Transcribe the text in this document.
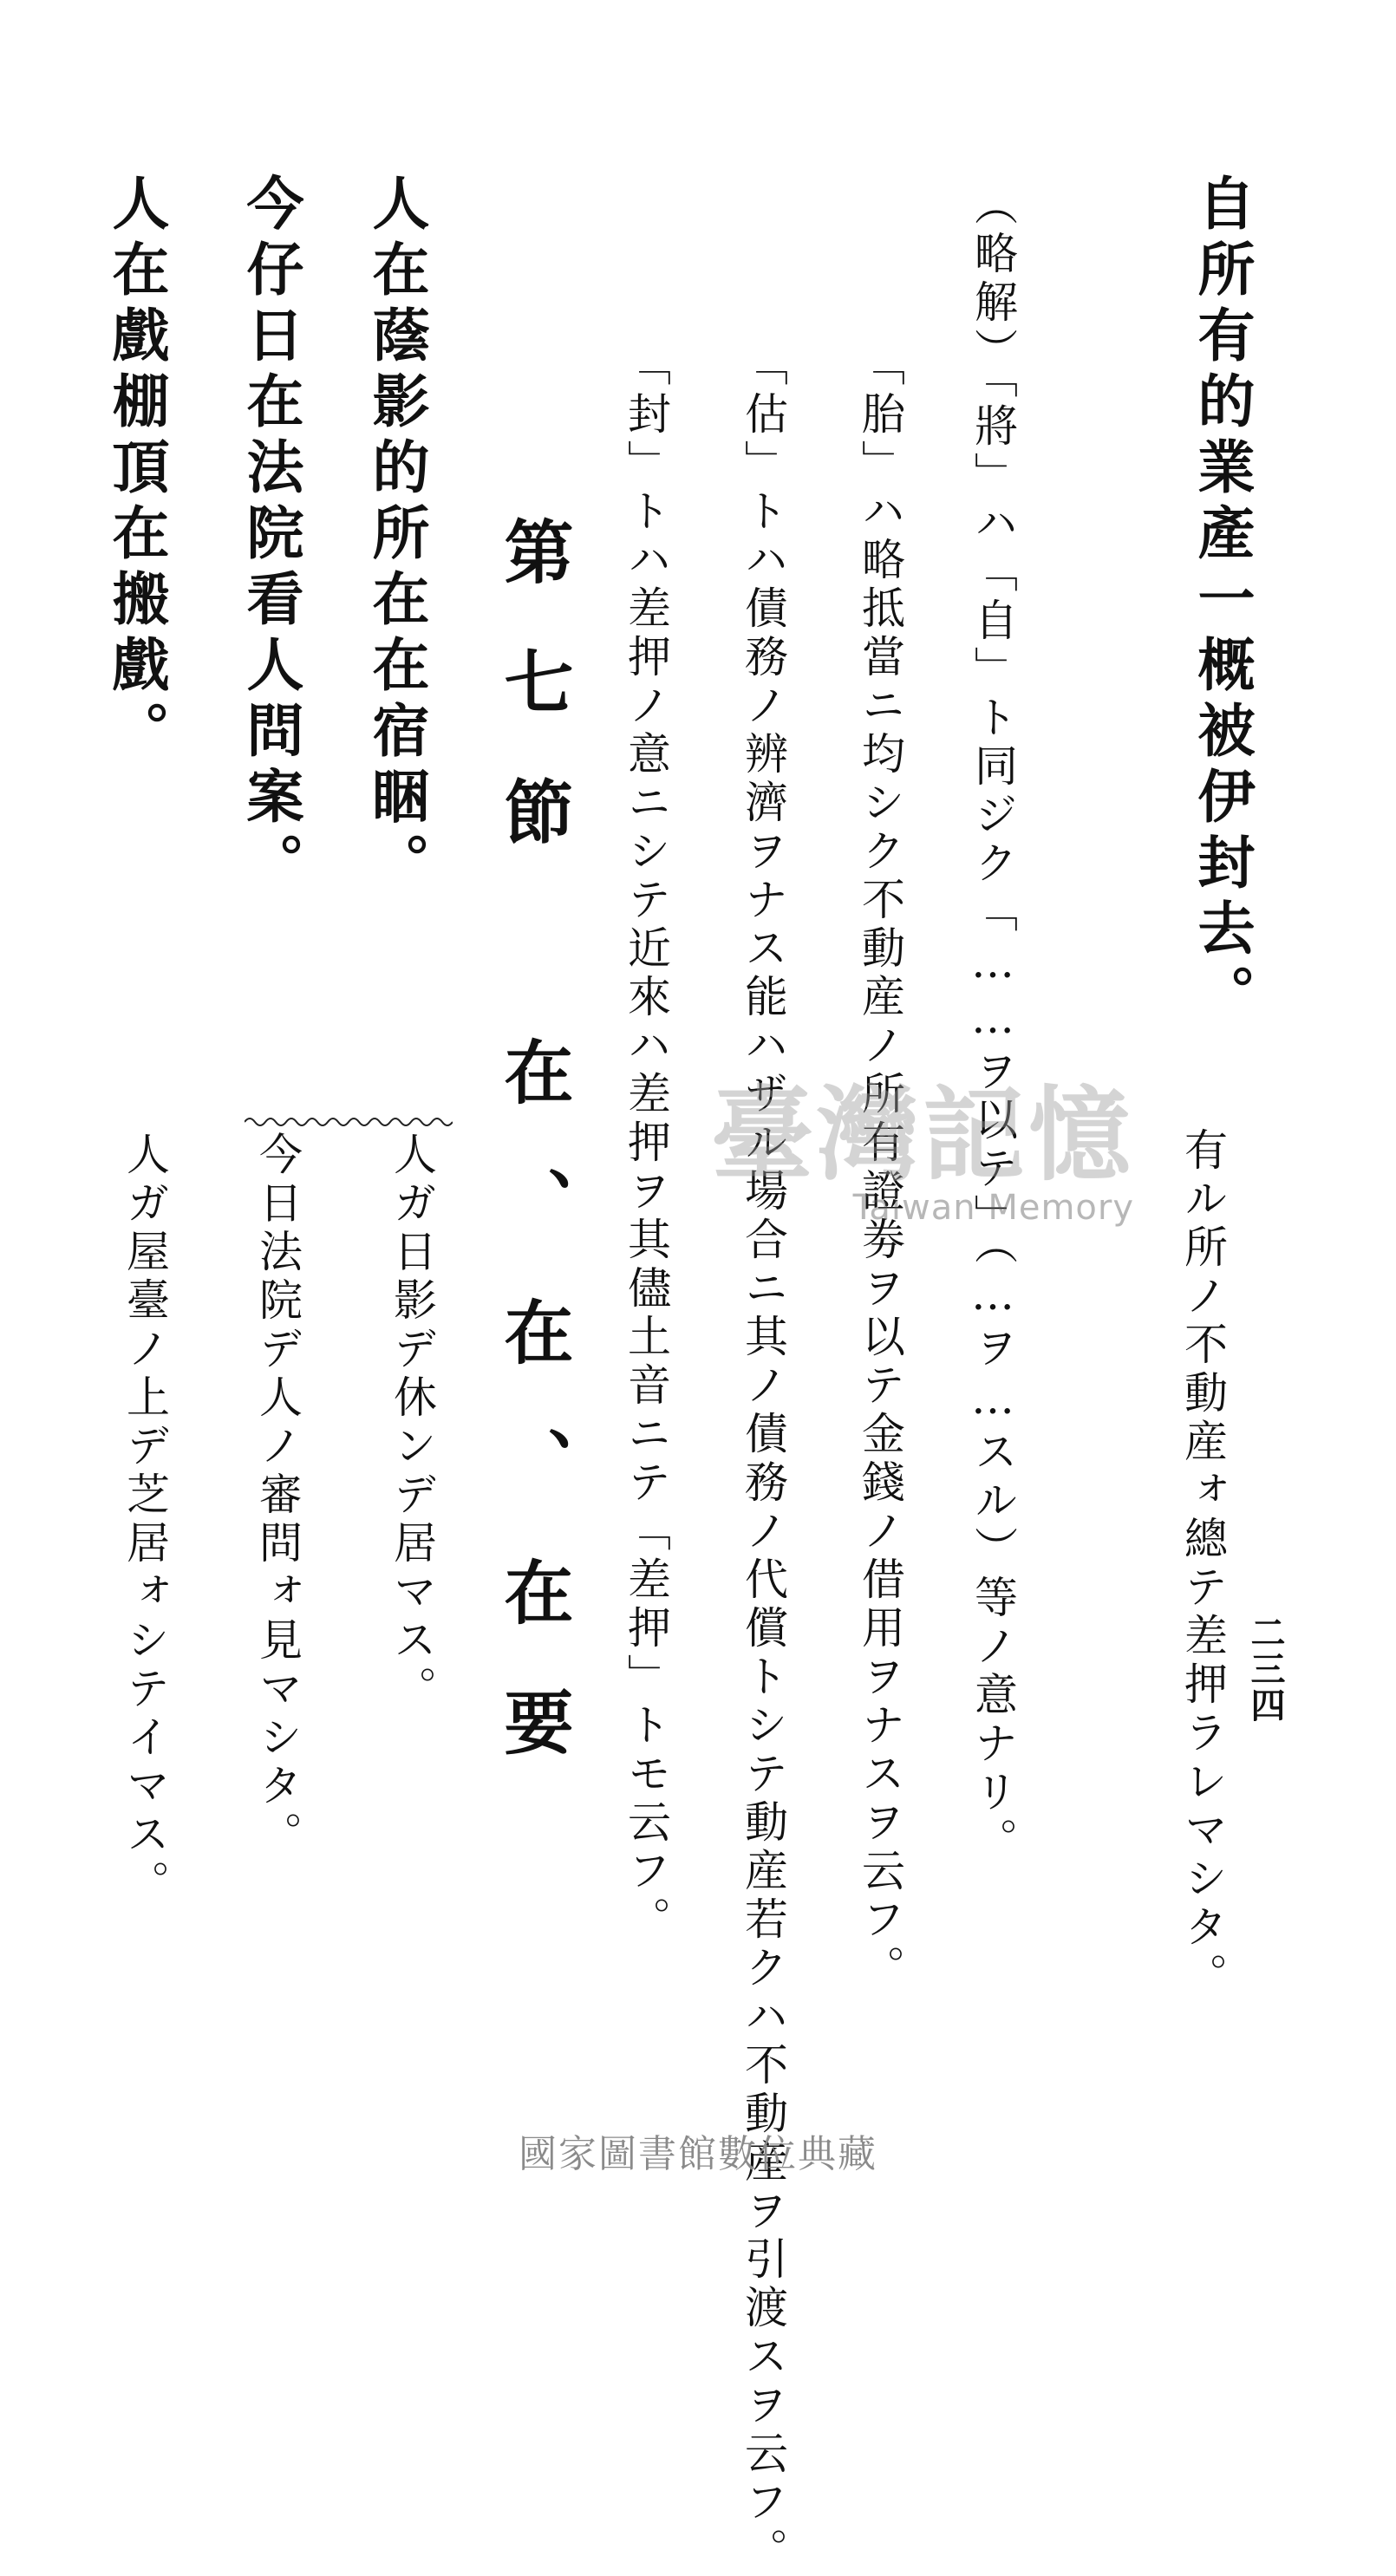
二三四
自所有的業產一概被伊封去。
有ル所ノ不動産ォ總テ差押ラレマシタ。
（略解）「將」ハ「自」ト同ジク「……ヲ以テ」（…ヲ…スル）等ノ意ナリ。
「胎」ハ略抵當ニ均シク不動産ノ所有證劵ヲ以テ金錢ノ借用ヲナスヲ云フ。
「估」トハ債務ノ辨濟ヲナス能ハザル場合ニ其ノ債務ノ代償トシテ動産若クハ不動産ヲ引渡スヲ云フ。
「封」トハ差押ノ意ニシテ近來ハ差押ヲ其儘土音ニテ「差押」トモ云フ。
第七節　在、在、在要
人在蔭影的所在在宿睏。
人ガ日影デ休ンデ居マス。
今仔日在法院看人問案。
今日法院デ人ノ審問ォ見マシタ。
人在戲棚頂在搬戲。
人ガ屋臺ノ上デ芝居ォシテイマス。	臺灣記憶
Taiwan Memory
國家圖書館數位典藏
